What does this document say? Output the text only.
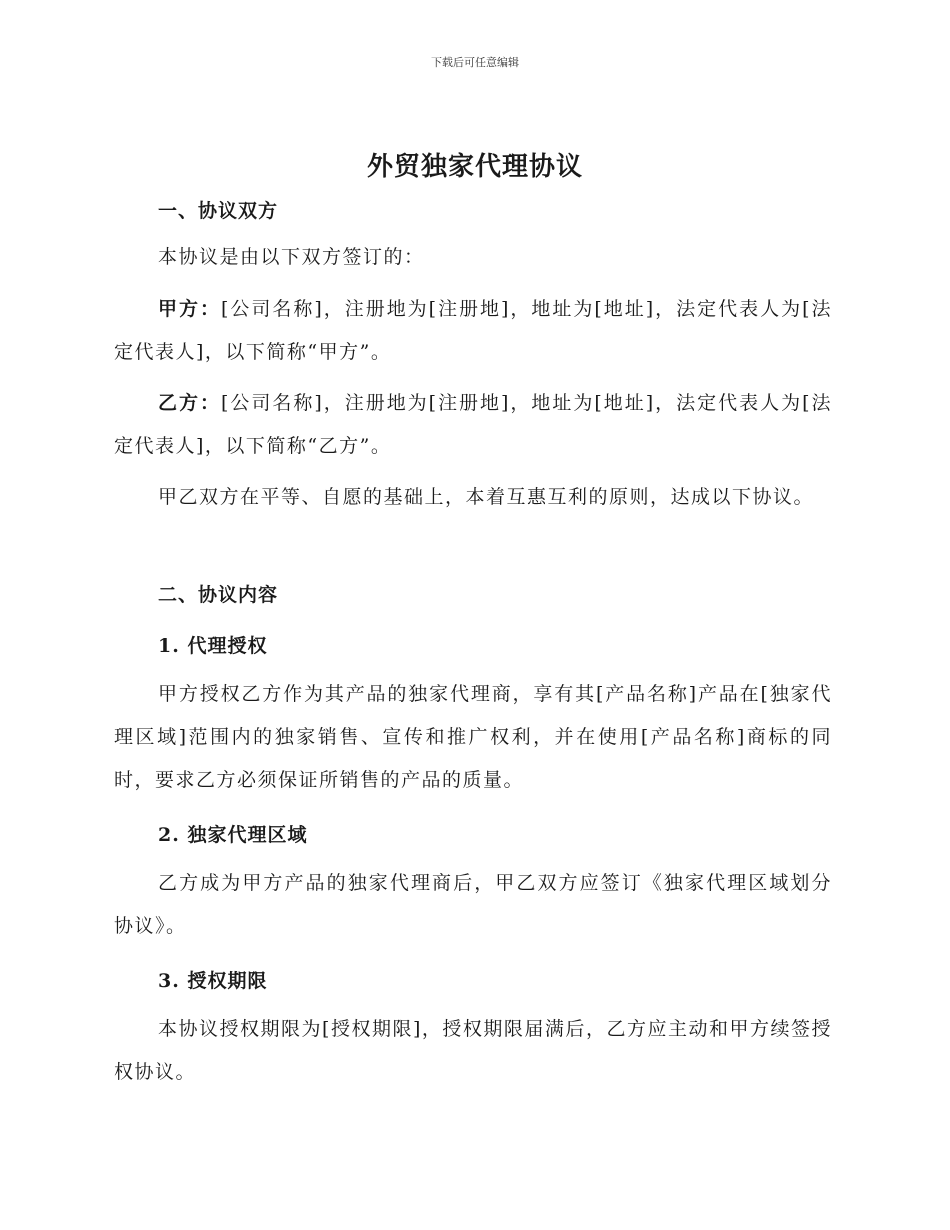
下载后可任意编辑
外贸独家代理协议
一、协议双方
本协议是由以下双方签订的：
甲方：[公司名称]，注册地为[注册地]，地址为[地址]，法定代表人为[法定代表人]，以下简称“甲方”。
乙方：[公司名称]，注册地为[注册地]，地址为[地址]，法定代表人为[法定代表人]，以下简称“乙方”。
甲乙双方在平等、自愿的基础上，本着互惠互利的原则，达成以下协议。
二、协议内容
1. 代理授权
甲方授权乙方作为其产品的独家代理商，享有其[产品名称]产品在[独家代理区域]范围内的独家销售、宣传和推广权利，并在使用[产品名称]商标的同时，要求乙方必须保证所销售的产品的质量。
2. 独家代理区域
乙方成为甲方产品的独家代理商后，甲乙双方应签订《独家代理区域划分协议》。
3. 授权期限
本协议授权期限为[授权期限]，授权期限届满后，乙方应主动和甲方续签授权协议。
